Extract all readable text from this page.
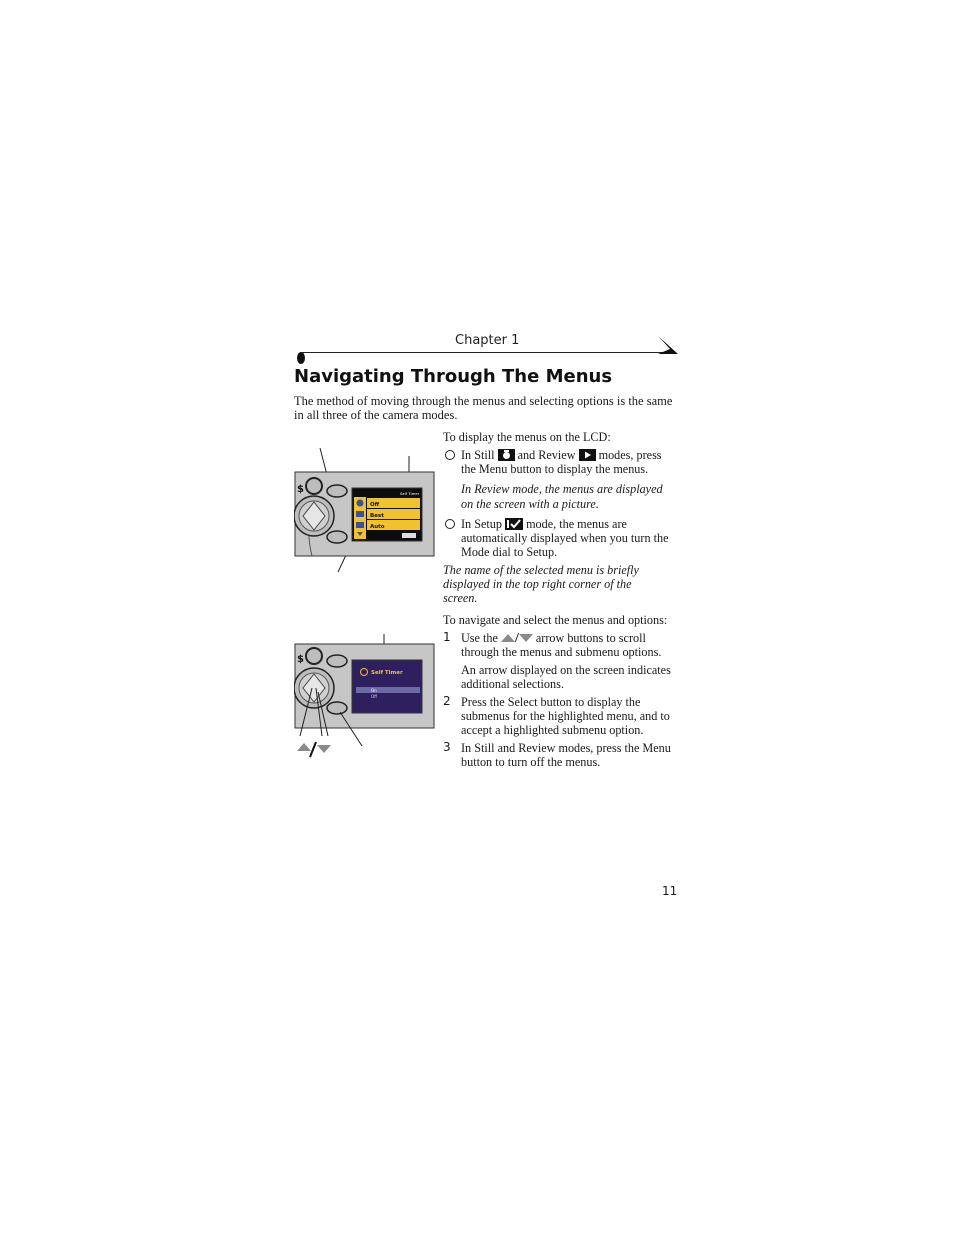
Chapter 1
Navigating Through The Menus
The method of moving through the menus and selecting options is the same in all three of the camera modes.
$	Self Timer
Off
Best
Auto
$
Self Timer
On
Off
To display the menus on the LCD:
In Still and Review modes, press
the Menu button to display the menus.
In Review mode, the menus are displayed
on the screen with a picture.
In Setup mode, the menus are
automatically displayed when you turn the
Mode dial to Setup.
The name of the selected menu is briefly
displayed in the top right corner of the
screen.
To navigate and select the menus and options:
1 Use the / arrow buttons to scroll
through the menus and submenu options.
An arrow displayed on the screen indicates
additional selections.
2 Press the Select button to display the
submenus for the highlighted menu, and to
accept a highlighted submenu option.
3 In Still and Review modes, press the Menu
button to turn off the menus.
11
